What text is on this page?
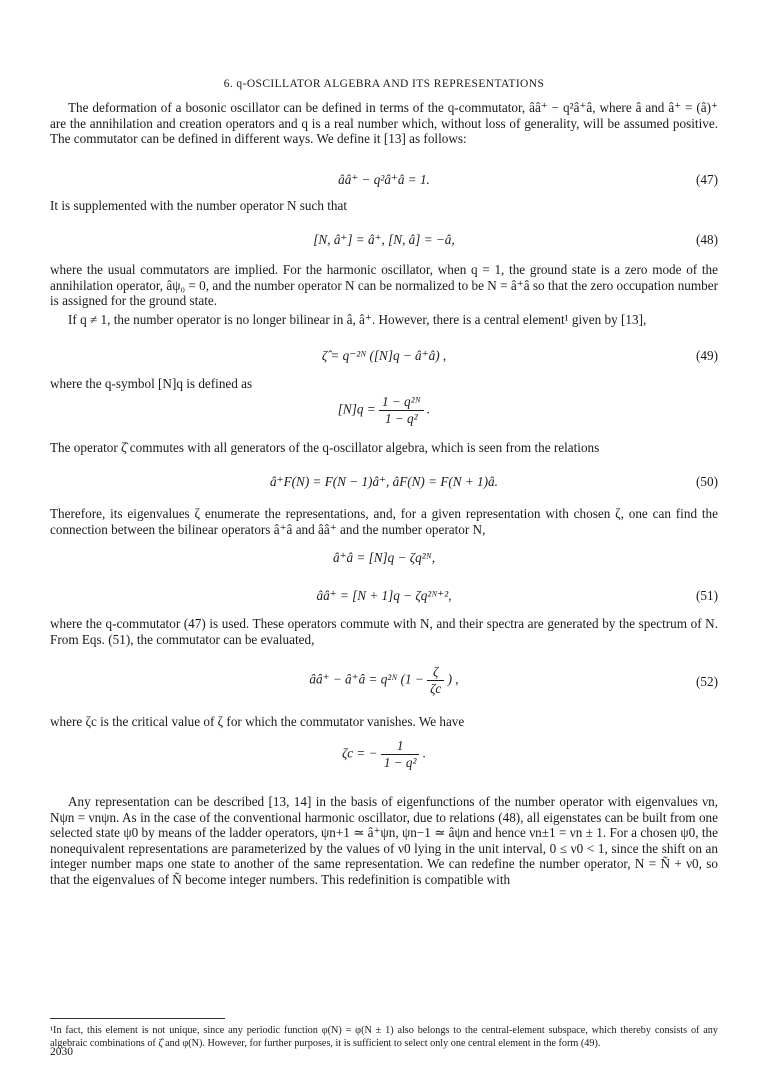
6. q-OSCILLATOR ALGEBRA AND ITS REPRESENTATIONS
The deformation of a bosonic oscillator can be defined in terms of the q-commutator, ââ⁺ − q²â⁺â, where â and â⁺ = (â)⁺ are the annihilation and creation operators and q is a real number which, without loss of generality, will be assumed positive. The commutator can be defined in different ways. We define it [13] as follows:
ââ⁺ − q²â⁺â = 1.	(47)
It is supplemented with the number operator N such that
[N, â⁺] = â⁺, [N, â] = −â,	(48)
where the usual commutators are implied. For the harmonic oscillator, when q = 1, the ground state is a zero mode of the annihilation operator, âψ₀ = 0, and the number operator N can be normalized to be N = â⁺â so that the zero occupation number is assigned for the ground state.
If q ≠ 1, the number operator is no longer bilinear in â, â⁺. However, there is a central element¹ given by [13],
ζ̂ = q⁻²ᴺ ([N]q − â⁺â) ,	(49)
where the q-symbol [N]q is defined as
$[N]q = \frac{\text{1 − q²ᴺ}}{\text{1 − q²}}$ .
The operator ζ̂ commutes with all generators of the q-oscillator algebra, which is seen from the relations
â⁺F(N) = F(N − 1)â⁺, âF(N) = F(N + 1)â.	(50)
Therefore, its eigenvalues ζ enumerate the representations, and, for a given representation with chosen ζ, one can find the connection between the bilinear operators â⁺â and ââ⁺ and the number operator N,
â⁺â = [N]q − ζq²ᴺ,
ââ⁺ = [N + 1]q − ζq²ᴺ⁺²,	(51)
where the q-commutator (47) is used. These operators commute with N, and their spectra are generated by the spectrum of N. From Eqs. (51), the commutator can be evaluated,
ââ⁺ − â⁺â = q²ᴺ ($1 - \frac{\zeta}{\zeta c}$ ) ,	(52)
where ζc is the critical value of ζ for which the commutator vanishes. We have
ζc = − $\frac{1}{\text{1 − q²}}$ .
Any representation can be described [13, 14] in the basis of eigenfunctions of the number operator with eigenvalues νn, Nψn = νnψn. As in the case of the conventional harmonic oscillator, due to relations (48), all eigenstates can be built from one selected state ψ0 by means of the ladder operators, ψn+1 ≃ â⁺ψn, ψn−1 ≃ âψn and hence νn±1 = νn ± 1. For a chosen ψ0, the nonequivalent representations are parameterized by the values of ν0 lying in the unit interval, 0 ≤ ν0 < 1, since the shift on an integer number maps one state to another of the same representation. We can redefine the number operator, N = Ñ + ν0, so that the eigenvalues of Ñ become integer numbers. This redefinition is compatible with
¹In fact, this element is not unique, since any periodic function φ(N) = φ(N ± 1) also belongs to the central-element subspace, which thereby consists of any algebraic combinations of ζ̂ and φ(N). However, for further purposes, it is sufficient to select only one central element in the form (49).
2030
